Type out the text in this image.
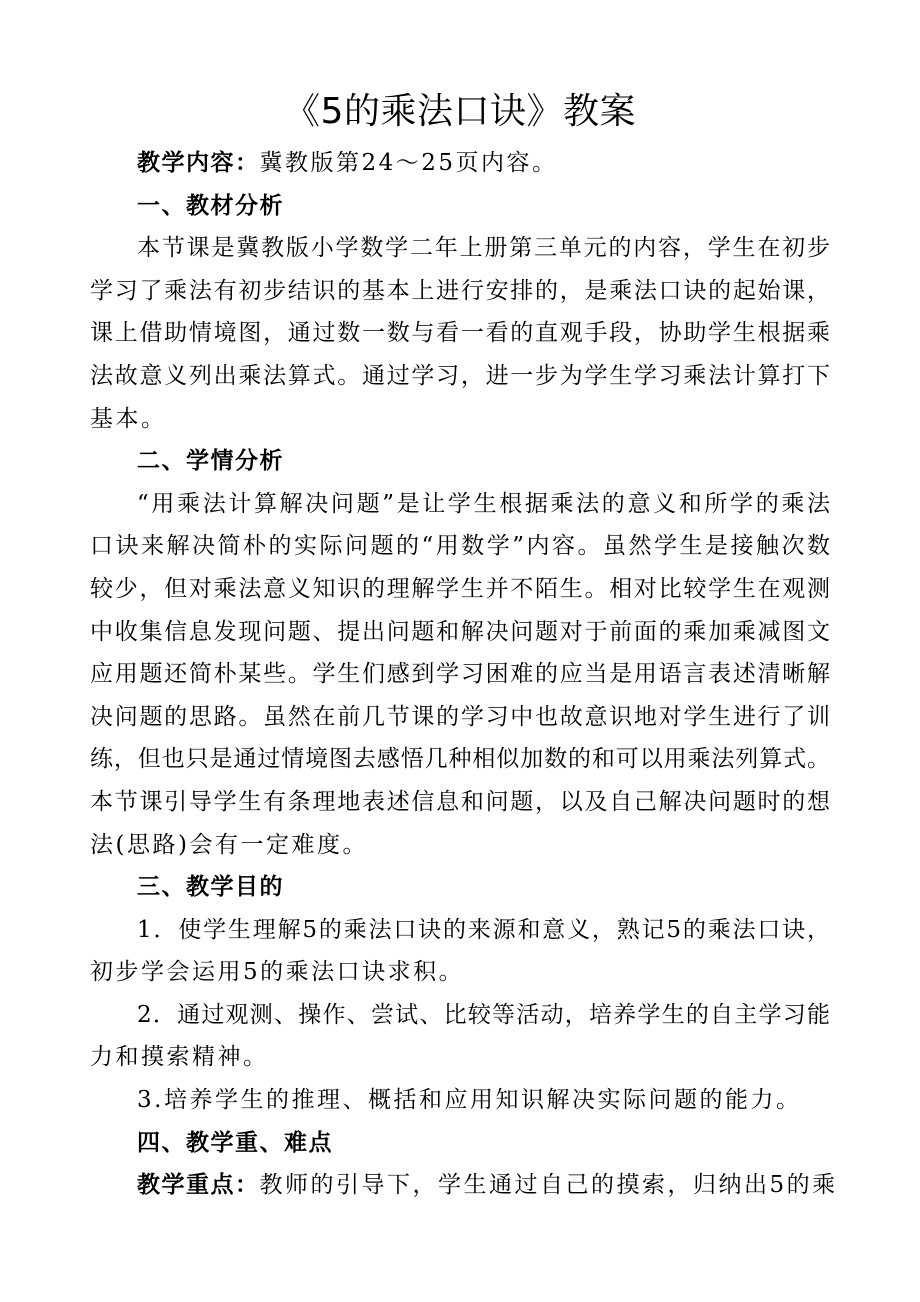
《5的乘法口诀》教案

教学内容：冀教版第24～25页内容。

一、教材分析

本节课是冀教版小学数学二年上册第三单元的内容，学生在初步

学习了乘法有初步结识的基本上进行安排的，是乘法口诀的起始课，

课上借助情境图，通过数一数与看一看的直观手段，协助学生根据乘

法故意义列出乘法算式。通过学习，进一步为学生学习乘法计算打下

基本。

二、学情分析

“用乘法计算解决问题”是让学生根据乘法的意义和所学的乘法

口诀来解决简朴的实际问题的“用数学”内容。虽然学生是接触次数

较少，但对乘法意义知识的理解学生并不陌生。相对比较学生在观测

中收集信息发现问题、提出问题和解决问题对于前面的乘加乘减图文

应用题还简朴某些。学生们感到学习困难的应当是用语言表述清晰解

决问题的思路。虽然在前几节课的学习中也故意识地对学生进行了训

练，但也只是通过情境图去感悟几种相似加数的和可以用乘法列算式。

本节课引导学生有条理地表述信息和问题，以及自己解决问题时的想

法(思路)会有一定难度。

三、教学目的

1．使学生理解5的乘法口诀的来源和意义，熟记5的乘法口诀，

初步学会运用5的乘法口诀求积。

2．通过观测、操作、尝试、比较等活动，培养学生的自主学习能

力和摸索精神。

3.培养学生的推理、概括和应用知识解决实际问题的能力。

四、教学重、难点

教学重点：教师的引导下，学生通过自己的摸索，归纳出5的乘
